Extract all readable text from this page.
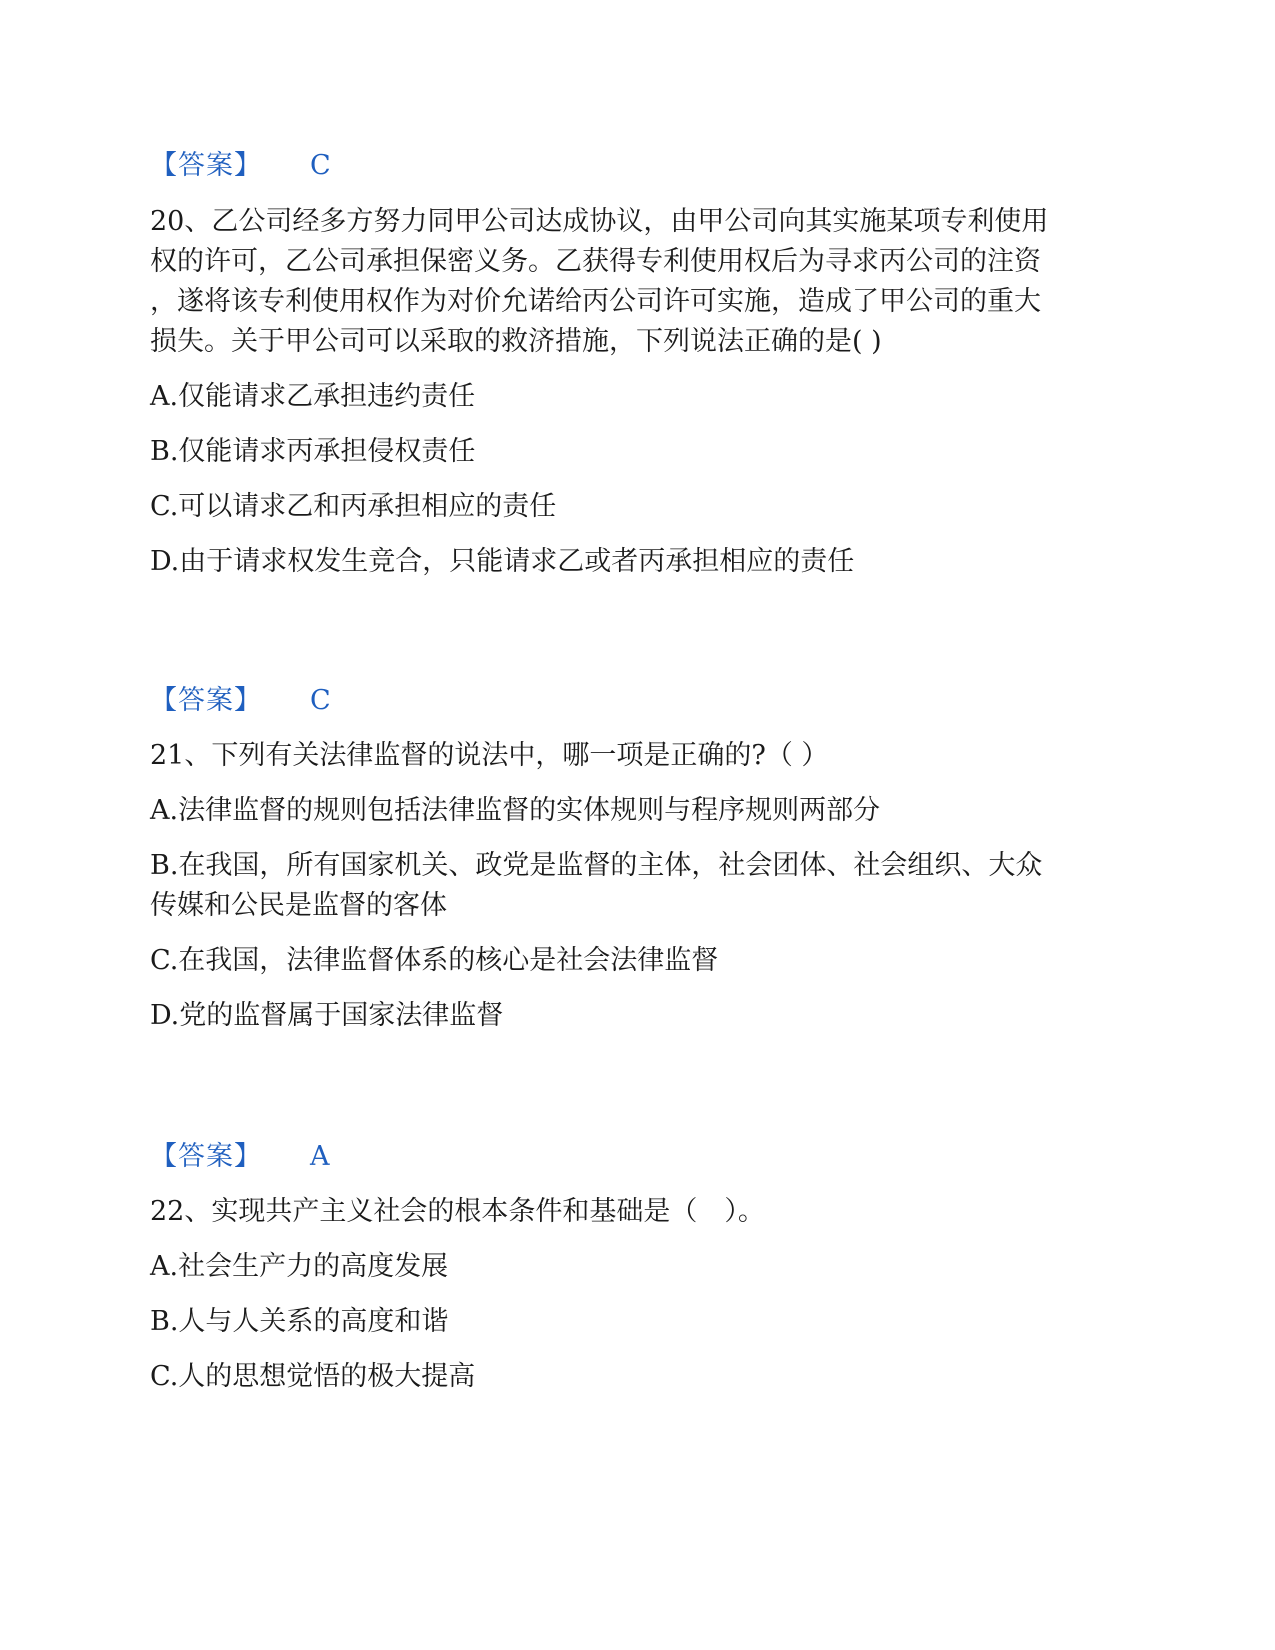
【答案】 C
20、乙公司经多方努力同甲公司达成协议，由甲公司向其实施某项专利使用
权的许可，乙公司承担保密义务。乙获得专利使用权后为寻求丙公司的注资
，遂将该专利使用权作为对价允诺给丙公司许可实施，造成了甲公司的重大
损失。关于甲公司可以采取的救济措施，下列说法正确的是( )
A.仅能请求乙承担违约责任
B.仅能请求丙承担侵权责任
C.可以请求乙和丙承担相应的责任
D.由于请求权发生竞合，只能请求乙或者丙承担相应的责任
【答案】 C
21、下列有关法律监督的说法中，哪一项是正确的?（ ）
A.法律监督的规则包括法律监督的实体规则与程序规则两部分
B.在我国，所有国家机关、政党是监督的主体，社会团体、社会组织、大众
传媒和公民是监督的客体
C.在我国，法律监督体系的核心是社会法律监督
D.党的监督属于国家法律监督
【答案】 A
22、实现共产主义社会的根本条件和基础是（　）。
A.社会生产力的高度发展
B.人与人关系的高度和谐
C.人的思想觉悟的极大提高
